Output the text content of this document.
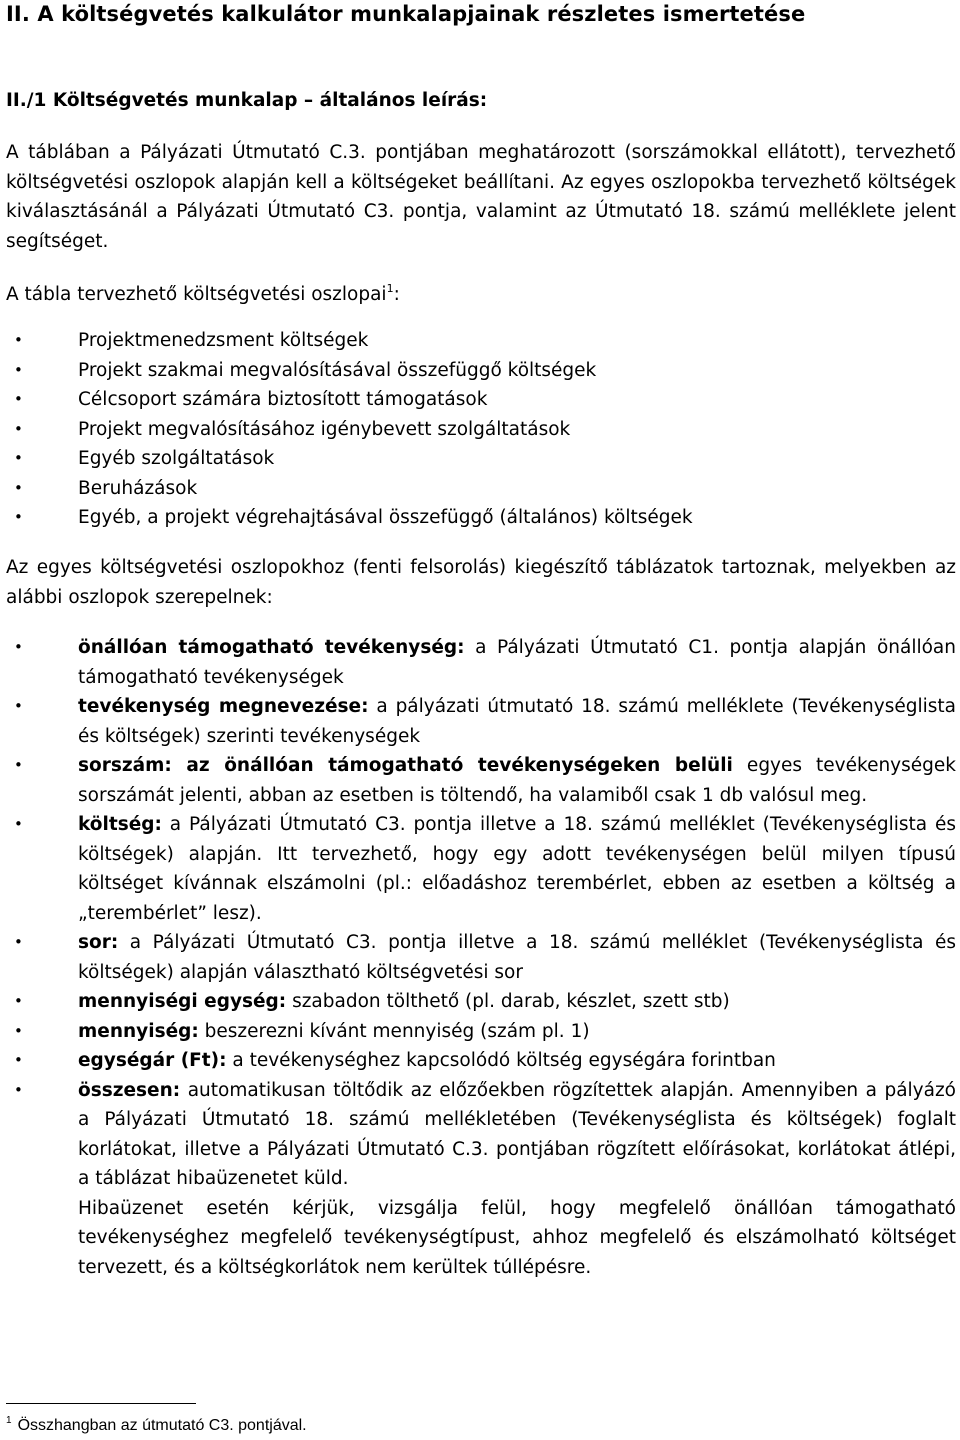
II. A költségvetés kalkulátor munkalapjainak részletes ismertetése
II./1 Költségvetés munkalap – általános leírás:

A táblában a Pályázati Útmutató C.3. pontjában meghatározott (sorszámokkal ellátott), tervezhető költségvetési oszlopok alapján kell a költségeket beállítani. Az egyes oszlopokba tervezhető költségek kiválasztásánál a Pályázati Útmutató C3. pontja, valamint az Útmutató 18. számú melléklete jelent segítséget.

A tábla tervezhető költségvetési oszlopai$^1$:

•	Projektmenedzsment költségek
•	Projekt szakmai megvalósításával összefüggő költségek
•	Célcsoport számára biztosított támogatások
•	Projekt megvalósításához igénybevett szolgáltatások
•	Egyéb szolgáltatások
•	Beruházások
•	Egyéb, a projekt végrehajtásával összefüggő (általános) költségek

Az egyes költségvetési oszlopokhoz (fenti felsorolás) kiegészítő táblázatok tartoznak, melyekben az alábbi oszlopok szerepelnek:

•	önállóan támogatható tevékenység: a Pályázati Útmutató C1. pontja alapján önállóan támogatható tevékenységek
•	tevékenység megnevezése: a pályázati útmutató 18. számú melléklete (Tevékenységlista és költségek) szerinti tevékenységek
•	sorszám: az önállóan támogatható tevékenységeken belüli egyes tevékenységek sorszámát jelenti, abban az esetben is töltendő, ha valamiből csak 1 db valósul meg.
•	költség: a Pályázati Útmutató C3. pontja illetve a 18. számú melléklet (Tevékenységlista és költségek) alapján. Itt tervezhető, hogy egy adott tevékenységen belül milyen típusú költséget kívánnak elszámolni (pl.: előadáshoz terembérlet, ebben az esetben a költség a „terembérlet” lesz).
•	sor: a Pályázati Útmutató C3. pontja illetve a 18. számú melléklet (Tevékenységlista és költségek) alapján választható költségvetési sor
•	mennyiségi egység: szabadon tölthető (pl. darab, készlet, szett stb)
•	mennyiség: beszerezni kívánt mennyiség (szám pl. 1)
•	egységár (Ft): a tevékenységhez kapcsolódó költség egységára forintban
•	összesen: automatikusan töltődik az előzőekben rögzítettek alapján. Amennyiben a pályázó a Pályázati Útmutató 18. számú mellékletében (Tevékenységlista és költségek) foglalt korlátokat, illetve a Pályázati Útmutató C.3. pontjában rögzített előírásokat, korlátokat átlépi, a táblázat hibaüzenetet küld.
Hibaüzenet esetén kérjük, vizsgálja felül, hogy megfelelő önállóan támogatható tevékenységhez megfelelő tevékenységtípust, ahhoz megfelelő és elszámolható költséget tervezett, és a költségkorlátok nem kerültek túllépésre.
$^1$ Összhangban az útmutató C3. pontjával.
